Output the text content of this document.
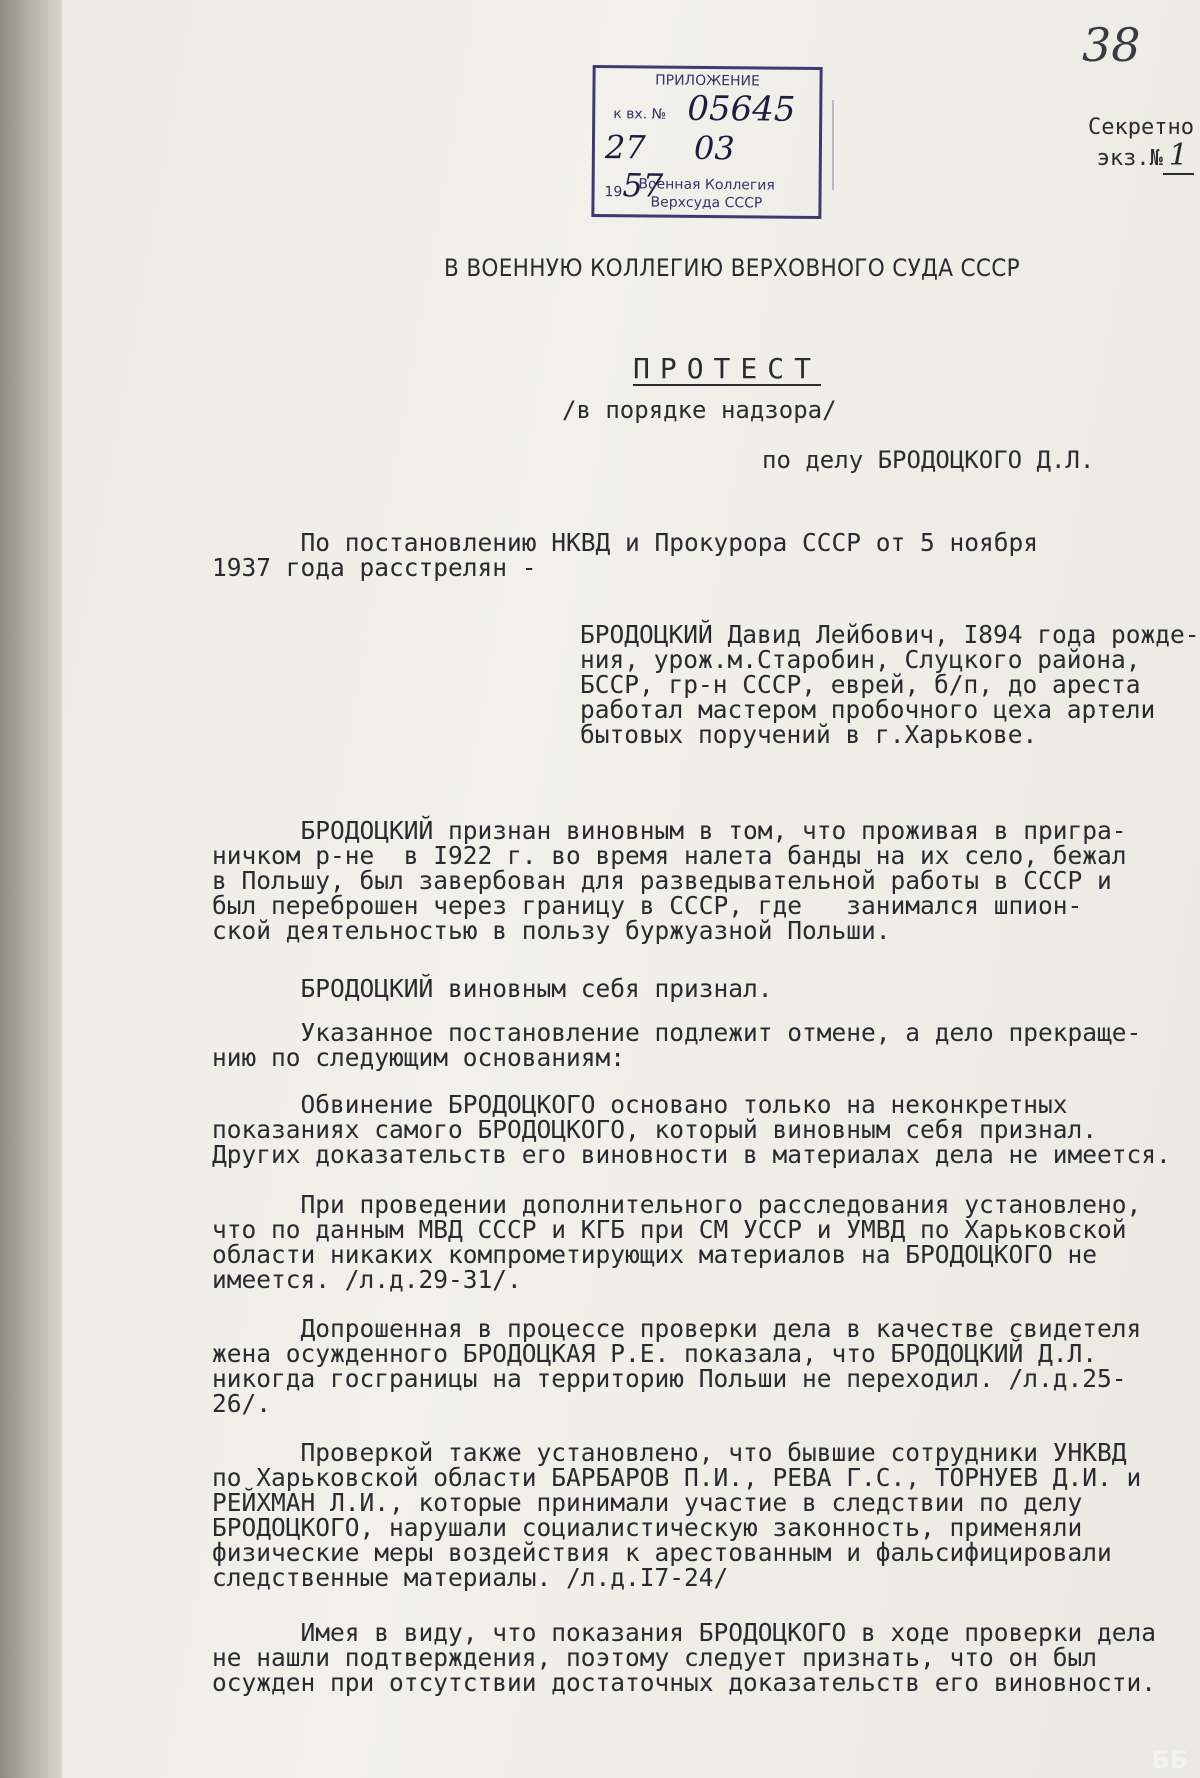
38
ПРИЛОЖЕНИЕ
к вх. № 05645
27 03  1957
Военная Коллегия
Верхсуда СССР
Секретно
экз.№ 1
В ВОЕННУЮ КОЛЛЕГИЮ ВЕРХОВНОГО СУДА СССР
ПРОТЕСТ
/в порядке надзора/
по делу БРОДОЦКОГО Д.Л.
По постановлению НКВД и Прокурора СССР от 5 ноября
1937 года расстрелян -
БРОДОЦКИЙ Давид Лейбович, I894 года рожде-
ния, урож.м.Старобин, Слуцкого района,
БССР, гр-н СССР, еврей, б/п, до ареста
работал мастером пробочного цеха артели
бытовых поручений в г.Харькове.
БРОДОЦКИЙ признан виновным в том, что проживая в пригра-
ничком р-не  в I922 г. во время налета банды на их село, бежал
в Польшу, был завербован для разведывательной работы в СССР и
был переброшен через границу в СССР, где   занимался шпион-
ской деятельностью в пользу буржуазной Польши.
БРОДОЦКИЙ виновным себя признал.
Указанное постановление подлежит отмене, а дело прекраще-
нию по следующим основаниям:
Обвинение БРОДОЦКОГО основано только на неконкретных
показаниях самого БРОДОЦКОГО, который виновным себя признал.
Других доказательств его виновности в материалах дела не имеется.
При проведении дополнительного расследования установлено,
что по данным МВД СССР и КГБ при СМ УССР и УМВД по Харьковской
области никаких компрометирующих материалов на БРОДОЦКОГО не
имеется. /л.д.29-31/.
Допрошенная в процессе проверки дела в качестве свидетеля
жена осужденного БРОДОЦКАЯ Р.Е. показала, что БРОДОЦКИЙ Д.Л.
никогда госграницы на территорию Польши не переходил. /л.д.25-
26/.
Проверкой также установлено, что бывшие сотрудники УНКВД
по Харьковской области БАРБАРОВ П.И., РЕВА Г.С., ТОРНУЕВ Д.И. и
РЕЙХМАН Л.И., которые принимали участие в следствии по делу
БРОДОЦКОГО, нарушали социалистическую законность, применяли
физические меры воздействия к арестованным и фальсифицировали
следственные материалы. /л.д.I7-24/
Имея в виду, что показания БРОДОЦКОГО в ходе проверки дела
не нашли подтверждения, поэтому следует признать, что он был
осужден при отсутствии достаточных доказательств его виновности.
ББ
